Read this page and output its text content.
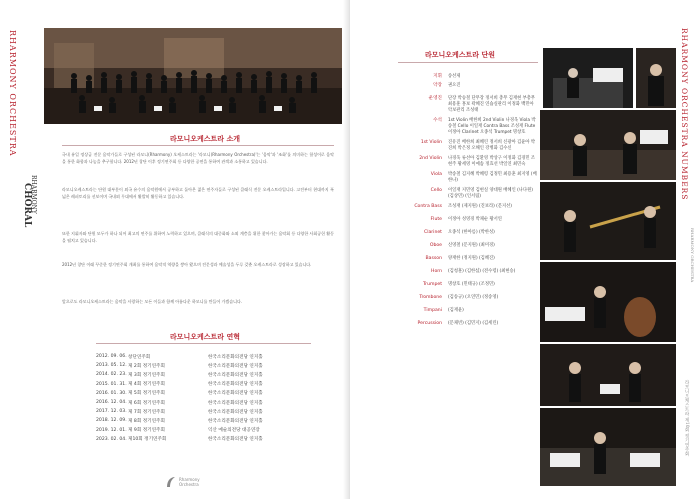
RHARMONY ORCHESTRA
RHARMONY
CHORAL
라모니오케스트라 소개

국내 유일 정상급 전문 음악가들로 구성된 라모니(Rharmony) 오케스트라는 '라모니(Rharmony Orchestra)'는 '음악'과 '조화'를 의미하는 합성어로 음악을 통한 화합과 나눔을 추구합니다. 2012년 창단 이후 정기연주회 등 다양한 공연을 통하여 관객과 소통하고 있습니다.

라모니오케스트라는 단원 대부분이 외국 유수의 음악원에서 공부하고 돌아온 젊은 연주자들로 구성된 클래식 전문 오케스트라입니다. 고전부터 현대까지 폭넓은 레퍼토리를 선보이며 국내외 무대에서 활발히 활동하고 있습니다.

또한 지휘자와 단원 모두가 하나 되어 최고의 연주를 위하여 노력하고 있으며, 클래식의 대중화와 소외 계층을 위한 찾아가는 음악회 등 다양한 사회공헌 활동을 펼치고 있습니다.

2012년 창단 이래 꾸준한 정기연주회 개최를 통하여 음악적 역량을 쌓아 왔으며 전문성과 예술성을 두루 갖춘 오케스트라로 성장하고 있습니다.

앞으로도 라모니오케스트라는 음악을 사랑하는 모든 이들과 함께 아름다운 하모니를 만들어 가겠습니다.

라모니오케스트라 연혁
2012. 09. 06. 창단연주회	한국소리문화의전당 연지홀
2013. 05. 12. 제 2회 정기연주회	한국소리문화의전당 연지홀
2014. 02. 23. 제 3회 정기연주회	한국소리문화의전당 연지홀
2015. 01. 31. 제 4회 정기연주회	한국소리문화의전당 연지홀
2016. 01. 30. 제 5회 정기연주회	한국소리문화의전당 연지홀
2016. 12. 04. 제 6회 정기연주회	한국소리문화의전당 연지홀
2017. 12. 03. 제 7회 정기연주회	한국소리문화의전당 연지홀
2018. 12. 09. 제 8회 정기연주회	한국소리문화의전당 연지홀
2019. 12. 01. 제 9회 정기연주회	익산 예술의전당 대공연장
2023. 02. 04. 제10회 정기연주회	한국소리문화의전당 연지홀
Rharmony Orchestra
라모니오케스트라 단원
지휘	송선제
악장	권요진
운영진	단장 박승철 단무장 정서희 총무 김재현 부총무 최용훈 홍보 곽혜진 연습실관리 이정화 백민아 악보관리 조성태
수석	1st Violin 배한희 2nd Violin 나경욱 Viola 박송철 Cello 이일재 Contra Bass 조성재 Flute 이정아 Clarinet 오종석 Trumpet 명창호
1st Violin	진유진 배한희 최혜린 정서희 신광아 김윤아 박진희 박은정 오해인 강병화 김수신
2nd Violin	나경욱 류선아 김환영 박상구 이정화 김경민 조현주 황세영 이예솜 정효선 박일연 최민숙
Viola	박송철 김지혜 박혜령 김정민 최용훈 최지영 (배한나)
Cello	이일재 지민영 김현실 양대원 배혜인 (나다원) (김상민) (인서림)
Contra Bass	조성재 (제지원) (진보라) (문지선)
Flute	이정아 성영경 박채순 황서연
Clarinet	오종석 (한아름) (박한성)
Oboe	신영철 (문지원) (최미경)
Basson	양재한 (정지원) (김혜진)
Horn	(김청훈) (김한섭) (전수령) (최현승)
Trumpet	명창호 (민태규) (조정민)
Trombone	(김송규) (오연민) (정송영)
Timpani	(김재윤)
Percussion	(문채빈) (김민지) (김세린)
RHARMONY ORCHESTRA NUMBERS
RHARMONY ORCHESTRA
라모니오케스트라 제10회 정기연주회
